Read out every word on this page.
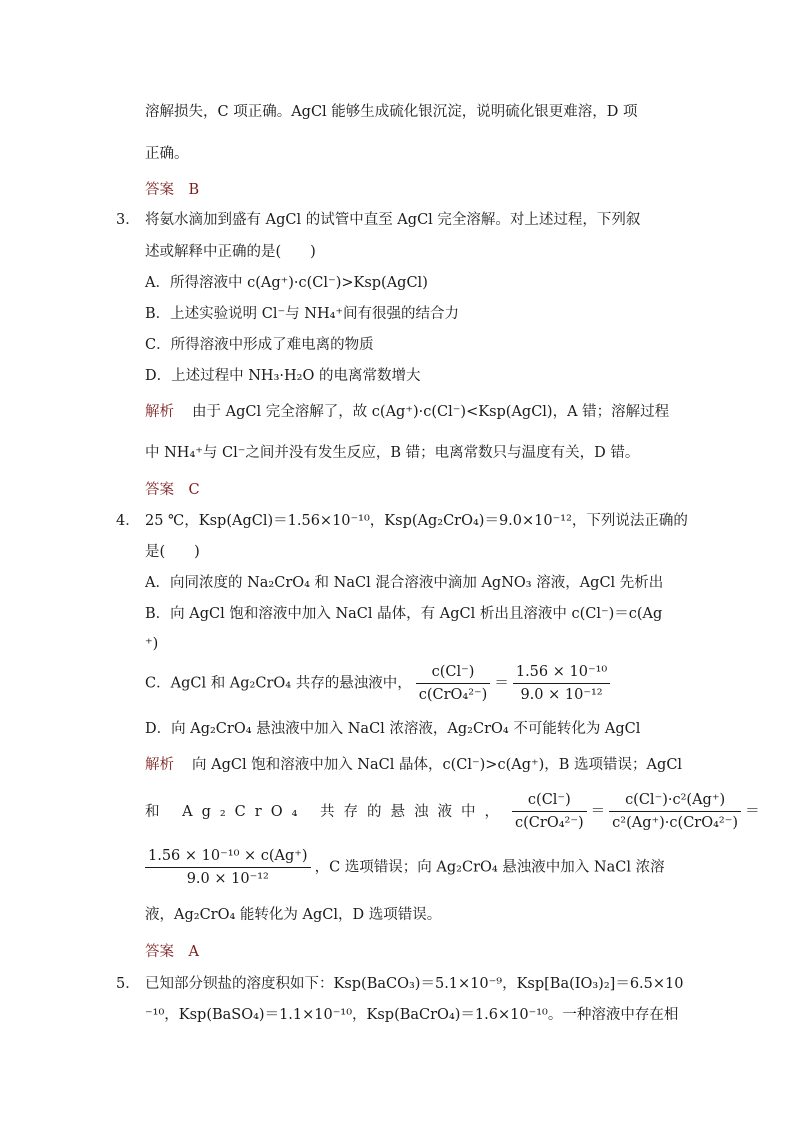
溶解损失，C 项正确。AgCl 能够生成硫化银沉淀，说明硫化银更难溶，D 项
正确。
答案　B
3． 将氨水滴加到盛有 AgCl 的试管中直至 AgCl 完全溶解。对上述过程，下列叙
述或解释中正确的是(　　)
A．所得溶液中 c(Ag⁺)·c(Cl⁻)>Ksp(AgCl)
B．上述实验说明 Cl⁻与 NH₄⁺间有很强的结合力
C．所得溶液中形成了难电离的物质
D．上述过程中 NH₃·H₂O 的电离常数增大
解析 由于 AgCl 完全溶解了，故 c(Ag⁺)·c(Cl⁻)<Ksp(AgCl)，A 错；溶解过程
中 NH₄⁺与 Cl⁻之间并没有发生反应，B 错；电离常数只与温度有关，D 错。
答案　C
4． 25 ℃，Ksp(AgCl)＝1.56×10⁻¹⁰，Ksp(Ag₂CrO₄)＝9.0×10⁻¹²，下列说法正确的
是(　　)
A．向同浓度的 Na₂CrO₄ 和 NaCl 混合溶液中滴加 AgNO₃ 溶液，AgCl 先析出
B．向 AgCl 饱和溶液中加入 NaCl 晶体，有 AgCl 析出且溶液中 c(Cl⁻)＝c(Ag
⁺)
C．AgCl 和 Ag₂CrO₄ 共存的悬浊液中， $\frac{c(Cl^-)}{\text{c(CrO₄²⁻)}} = \frac{\text{1.56 × 10⁻¹⁰}}{\text{9.0 × 10⁻¹²}}$
D．向 Ag₂CrO₄ 悬浊液中加入 NaCl 浓溶液，Ag₂CrO₄ 不可能转化为 AgCl
解析 向 AgCl 饱和溶液中加入 NaCl 晶体，c(Cl⁻)>c(Ag⁺)，B 选项错误；AgCl
和 Ag₂CrO₄ 共存的悬浊液中， $\frac{c(Cl^-)}{\text{c(CrO₄²⁻)}} = \frac{\text{c(Cl⁻)·c²(Ag⁺)}}{\text{c²(Ag⁺)·c(CrO₄²⁻)}}$ ＝
$\frac{\text{1.56 × 10⁻¹⁰ × c(Ag⁺)}}{\text{9.0 × 10⁻¹²}}$ ，C 选项错误；向 Ag₂CrO₄ 悬浊液中加入 NaCl 浓溶
液，Ag₂CrO₄ 能转化为 AgCl，D 选项错误。
答案　A
5． 已知部分钡盐的溶度积如下：Ksp(BaCO₃)＝5.1×10⁻⁹，Ksp[Ba(IO₃)₂]＝6.5×10
⁻¹⁰，Ksp(BaSO₄)＝1.1×10⁻¹⁰，Ksp(BaCrO₄)＝1.6×10⁻¹⁰。一种溶液中存在相
